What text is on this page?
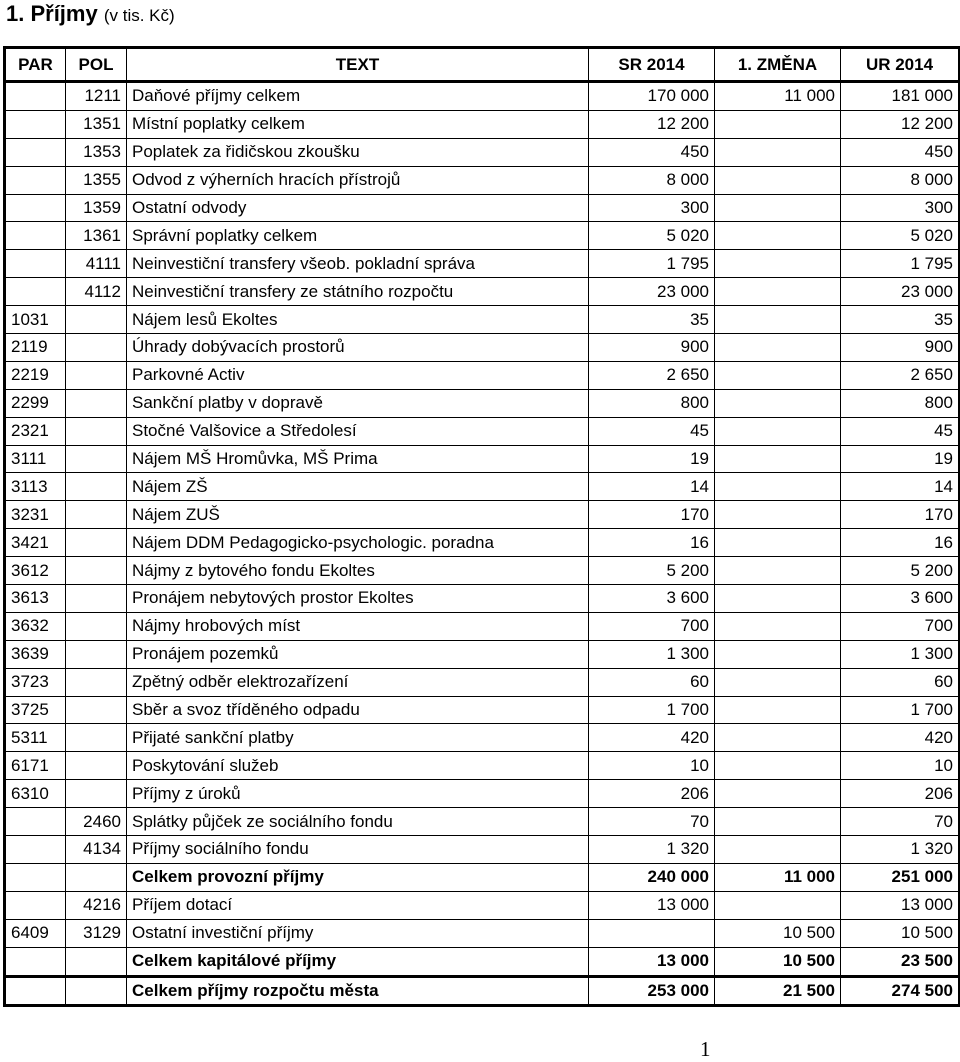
1. Příjmy (v tis. Kč)
PAR	POL	TEXT	SR 2014	1. ZMĚNA	UR 2014
	1211	Daňové příjmy celkem	170 000	11 000	181 000
	1351	Místní poplatky celkem	12 200		12 200
	1353	Poplatek za řidičskou zkoušku	450		450
	1355	Odvod z výherních hracích přístrojů	8 000		8 000
	1359	Ostatní odvody	300		300
	1361	Správní poplatky celkem	5 020		5 020
	4111	Neinvestiční transfery všeob. pokladní správa	1 795		1 795
	4112	Neinvestiční transfery ze státního rozpočtu	23 000		23 000
1031		Nájem lesů Ekoltes	35		35
2119		Úhrady dobývacích prostorů	900		900
2219		Parkovné Activ	2 650		2 650
2299		Sankční platby v dopravě	800		800
2321		Stočné Valšovice a Středolesí	45		45
3111		Nájem MŠ Hromůvka, MŠ Prima	19		19
3113		Nájem ZŠ	14		14
3231		Nájem ZUŠ	170		170
3421		Nájem DDM Pedagogicko-psychologic. poradna	16		16
3612		Nájmy z bytového fondu Ekoltes	5 200		5 200
3613		Pronájem nebytových prostor Ekoltes	3 600		3 600
3632		Nájmy hrobových míst	700		700
3639		Pronájem pozemků	1 300		1 300
3723		Zpětný odběr elektrozařízení	60		60
3725		Sběr a svoz tříděného odpadu	1 700		1 700
5311		Přijaté sankční platby	420		420
6171		Poskytování služeb	10		10
6310		Příjmy z úroků	206		206
	2460	Splátky půjček ze sociálního fondu	70		70
	4134	Příjmy sociálního fondu	1 320		1 320
		Celkem provozní příjmy	240 000	11 000	251 000
	4216	Příjem dotací	13 000		13 000
6409	3129	Ostatní investiční příjmy		10 500	10 500
		Celkem kapitálové příjmy	13 000	10 500	23 500
		Celkem příjmy rozpočtu města	253 000	21 500	274 500
1
